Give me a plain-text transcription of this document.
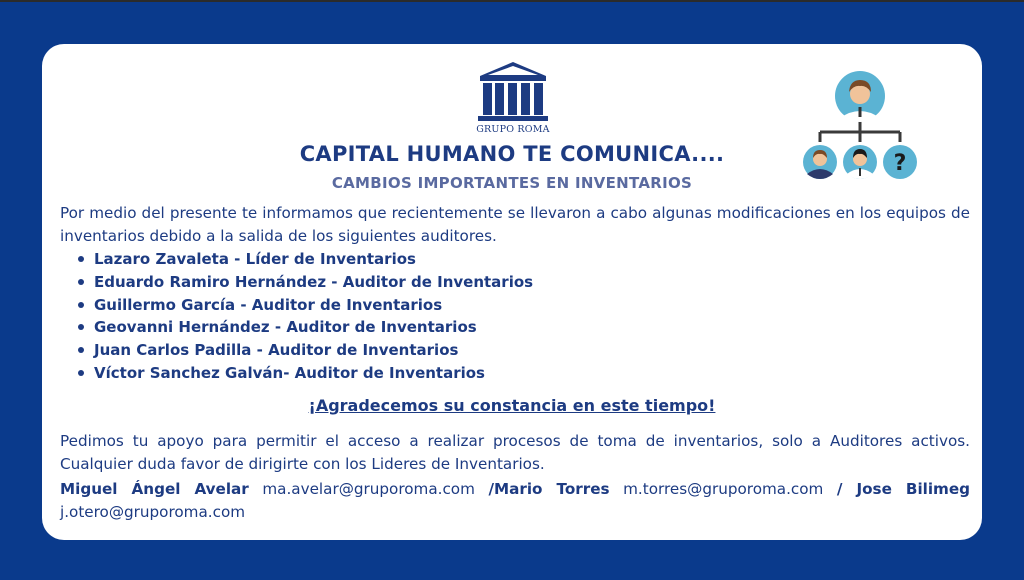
GRUPO ROMA
?
CAPITAL HUMANO TE COMUNICA....
CAMBIOS IMPORTANTES EN INVENTARIOS
Por medio del presente te informamos que recientemente se llevaron a cabo algunas modificaciones en los equipos de inventarios debido a la salida de los siguientes auditores.
Lazaro Zavaleta - Líder de Inventarios
Eduardo Ramiro Hernández - Auditor de Inventarios
Guillermo García - Auditor de Inventarios
Geovanni Hernández - Auditor de Inventarios
Juan Carlos Padilla - Auditor de Inventarios
Víctor Sanchez Galván- Auditor de Inventarios
¡Agradecemos su constancia en este tiempo!
Pedimos tu apoyo para permitir el acceso a realizar procesos de toma de inventarios, solo a Auditores activos. Cualquier duda favor de dirigirte con los Lideres de Inventarios.
Miguel Ángel Avelar ma.avelar@gruporoma.com /Mario Torres m.torres@gruporoma.com / Jose Bilimeg j.otero@gruporoma.com
